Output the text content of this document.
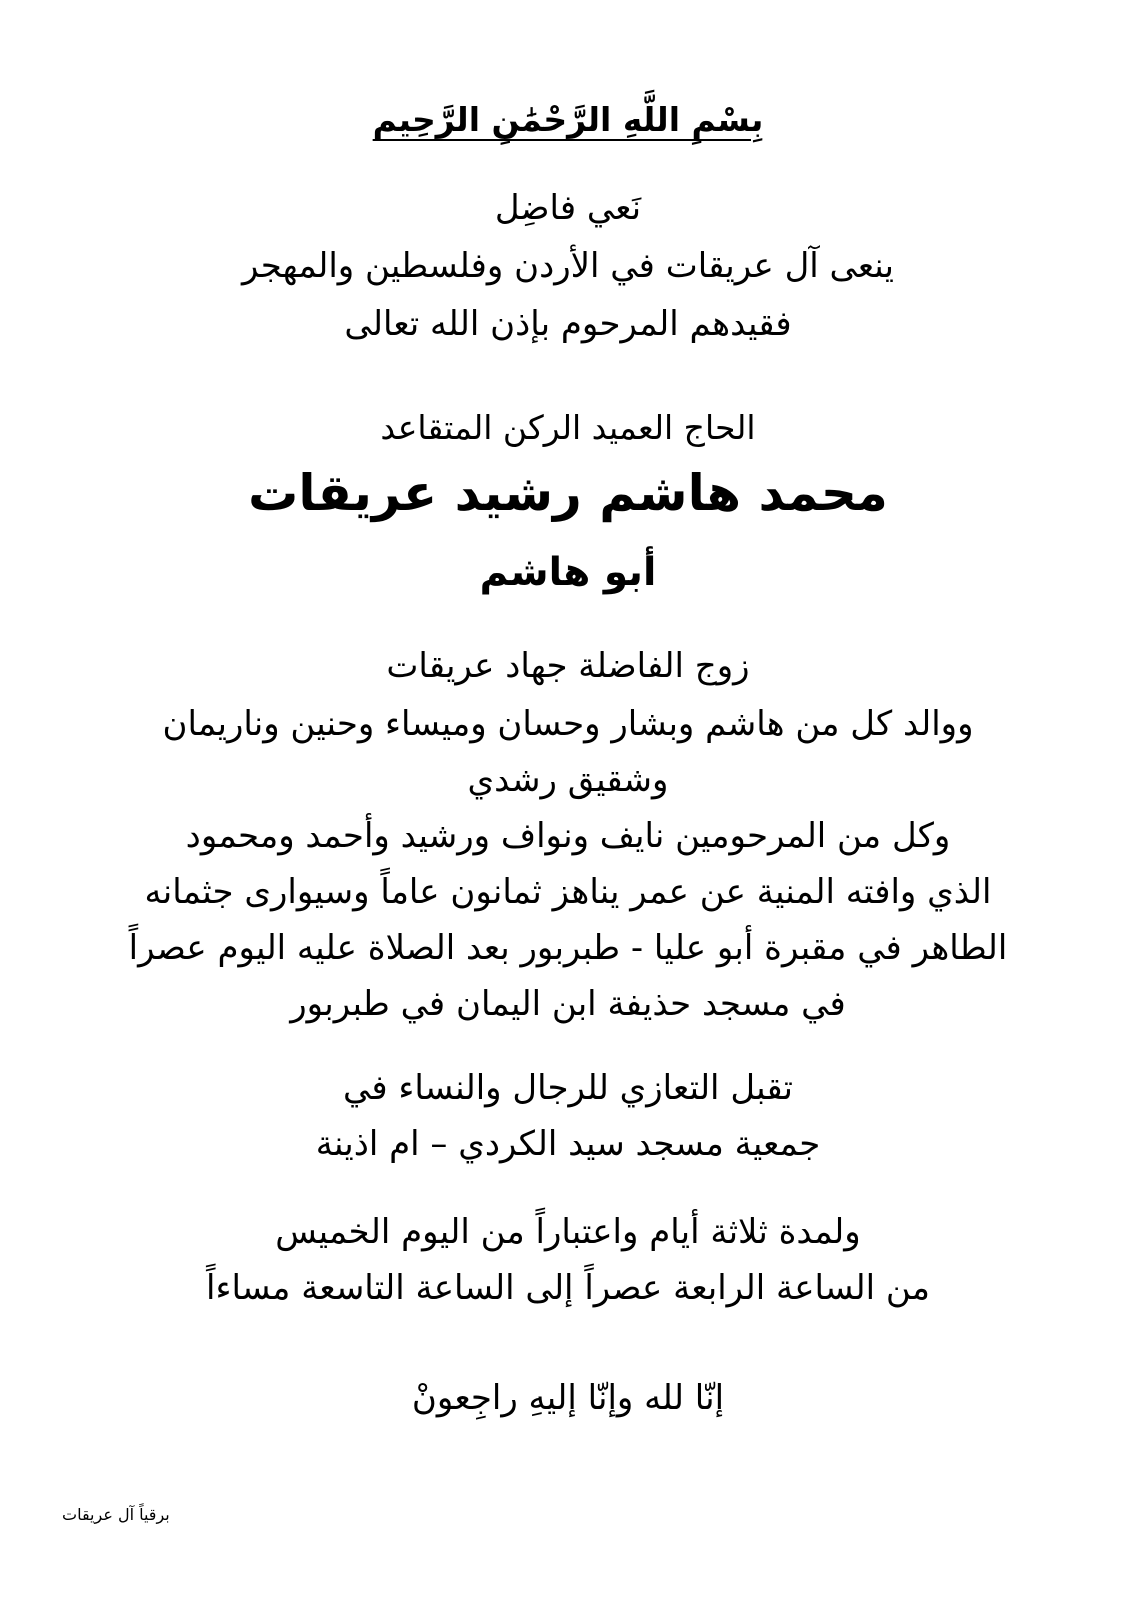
بِسْمِ اللَّهِ الرَّحْمَٰنِ الرَّحِيم
نَعي فاضِل
ينعى آل عريقات في الأردن وفلسطين والمهجر
فقيدهم المرحوم بإذن الله تعالى
الحاج العميد الركن المتقاعد
محمد هاشم رشيد عريقات
أبو هاشم
زوج الفاضلة جهاد عريقات
ووالد كل من هاشم وبشار وحسان وميساء وحنين وناريمان
وشقيق رشدي
وكل من المرحومين نايف ونواف ورشيد وأحمد ومحمود
الذي وافته المنية عن عمر يناهز ثمانون عاماً وسيوارى جثمانه
الطاهر في مقبرة أبو عليا - طبربور بعد الصلاة عليه اليوم عصراً
في مسجد حذيفة ابن اليمان في طبربور
تقبل التعازي للرجال والنساء في
جمعية مسجد سيد الكردي – ام اذينة
ولمدة ثلاثة أيام واعتباراً من اليوم الخميس
من الساعة الرابعة عصراً إلى الساعة التاسعة مساءاً
إنّا لله وإنّا إليهِ راجِعونْ
برقياً آل عريقات
